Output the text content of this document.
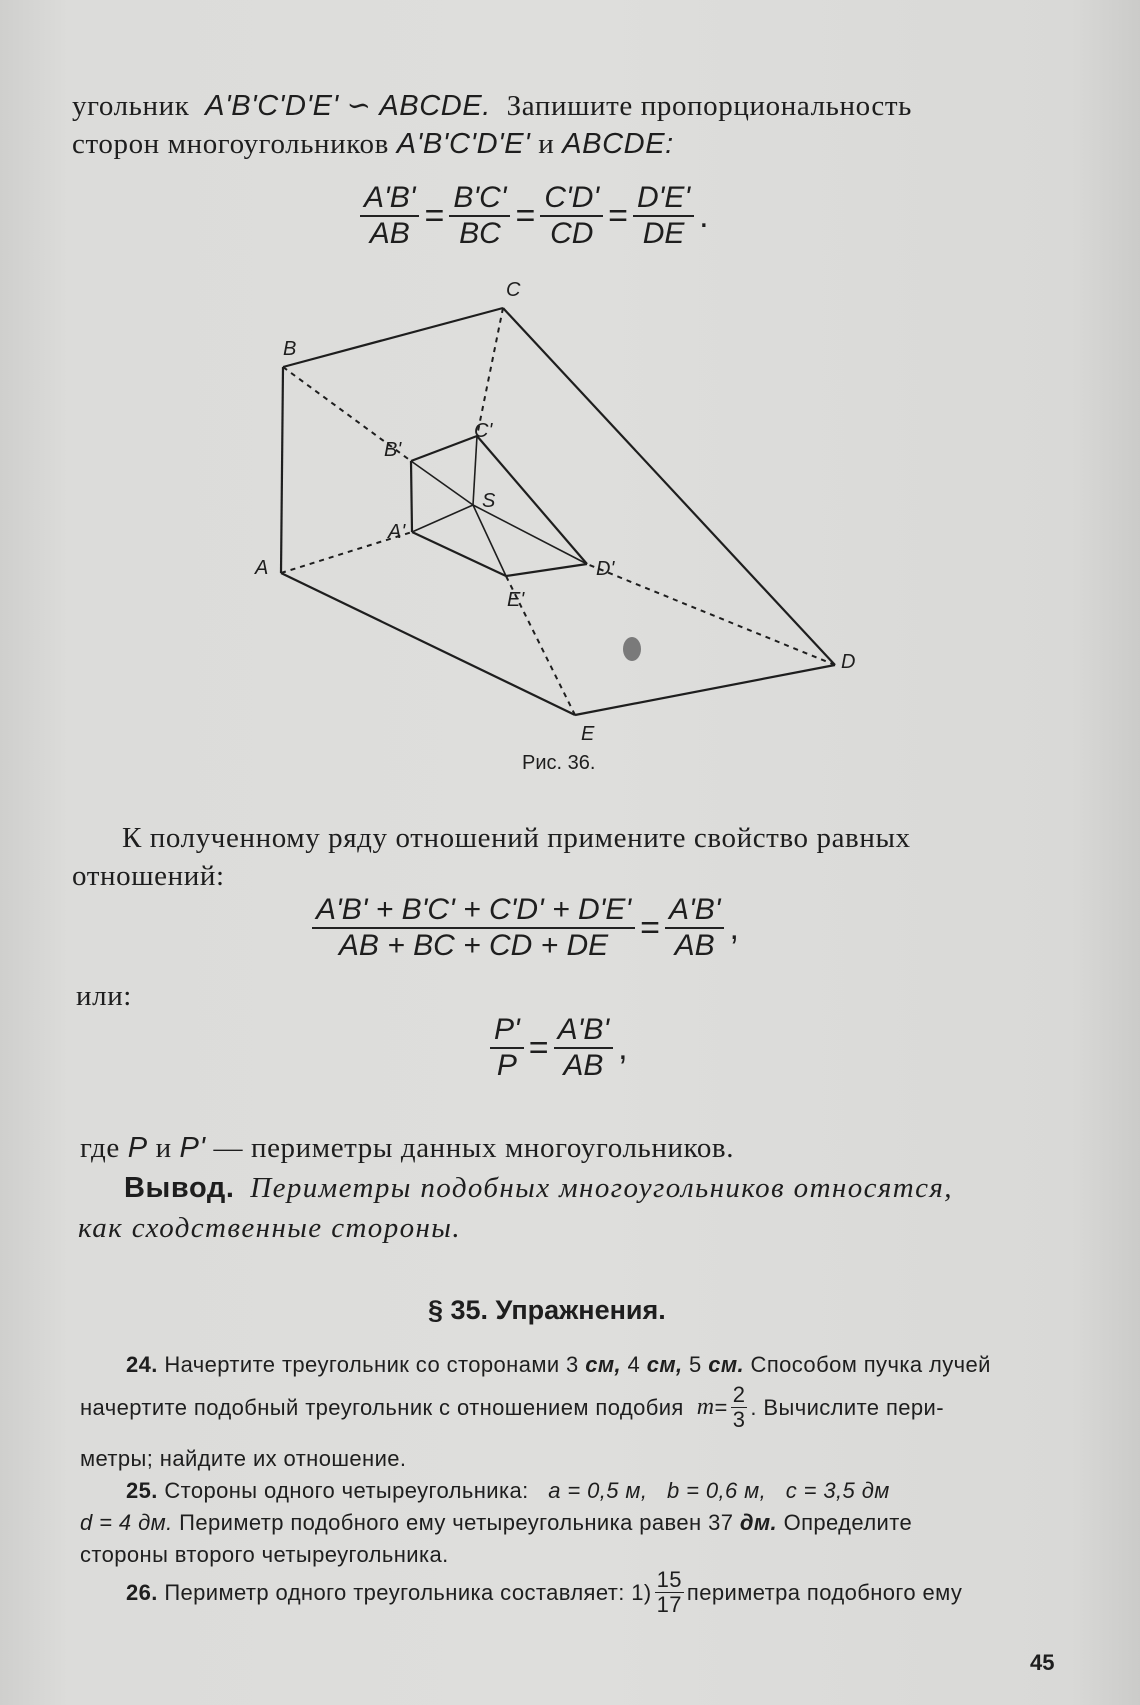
угольник A'B'C'D'E' ∽ ABCDE. Запишите пропорциональность
сторон многоугольников A'B'C'D'E' и ABCDE:
$\frac{A'B'}{AB} = \frac{B'C'}{BC} = \frac{C'D'}{CD} = \frac{D'E'}{DE}$ .
C
B
C'
B'
S
A'
A	D'
E'
D
E
Рис. 36.
К полученному ряду отношений примените свойство равных
отношений:
$\frac{A'B' + B'C' + C'D' + D'E'}{AB + BC + CD + DE} = \frac{A'B'}{AB}$ ,
или:
$\frac{P'}{P} = \frac{A'B'}{AB}$ ,
где P и P' — периметры данных многоугольников.
Вывод. Периметры подобных многоугольников относятся,
как сходственные стороны.
§ 35. Упражнения.
24. Начертите треугольник со сторонами 3 см, 4 см, 5 см. Способом пучка лучей
начертите подобный треугольник с отношением подобия
$m = \frac{2}{3}$ . Вычислите пери-
метры; найдите их отношение.
25. Стороны одного четыреугольника: a = 0,5 м, b = 0,6 м, c = 3,5 дм
d = 4 дм. Периметр подобного ему четыреугольника равен 37 дм. Определите
стороны второго четыреугольника.
26.
Периметр одного треугольника составляет: $1) \frac{15}{17}$ периметра подобного ему
45
